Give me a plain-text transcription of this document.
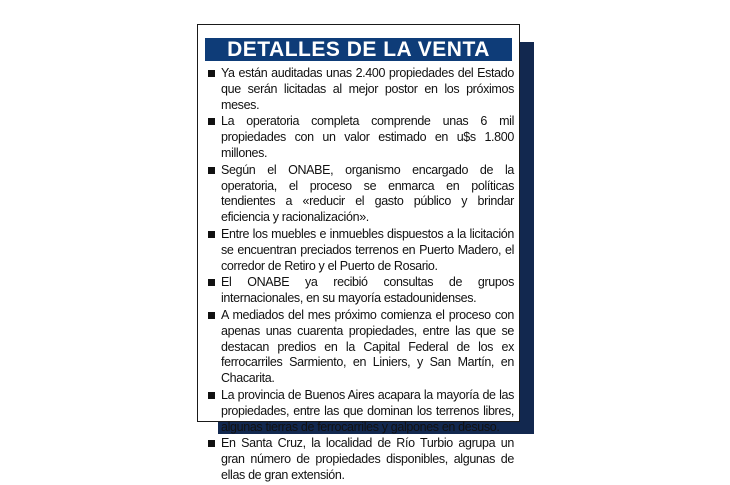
DETALLES DE LA VENTA
Ya están auditadas unas 2.400 propiedades del Estado que serán licitadas al mejor postor en los próximos meses.
La operatoria completa comprende unas 6 mil propiedades con un valor estimado en u$s 1.800 millones.
Según el ONABE, organismo encargado de la operatoria, el proceso se enmarca en políticas tendientes a «reducir el gasto público y brindar eficiencia y racionalización».
Entre los muebles e inmuebles dispuestos a la licitación se encuentran preciados terrenos en Puerto Madero, el corredor de Retiro y el Puerto de Rosario.
El ONABE ya recibió consultas de grupos internacionales, en su mayoría estadounidenses.
A mediados del mes próximo comienza el proceso con apenas unas cuarenta propiedades, entre las que se destacan predios en la Capital Federal de los ex ferrocarriles Sarmiento, en Liniers, y San Martín, en Chacarita.
La provincia de Buenos Aires acapara la mayoría de las propiedades, entre las que dominan los terrenos libres, algunas tierras de ferrocarriles y galpones en desuso.
En Santa Cruz, la localidad de Río Turbio agrupa un gran número de propiedades disponibles, algunas de ellas de gran extensión.
